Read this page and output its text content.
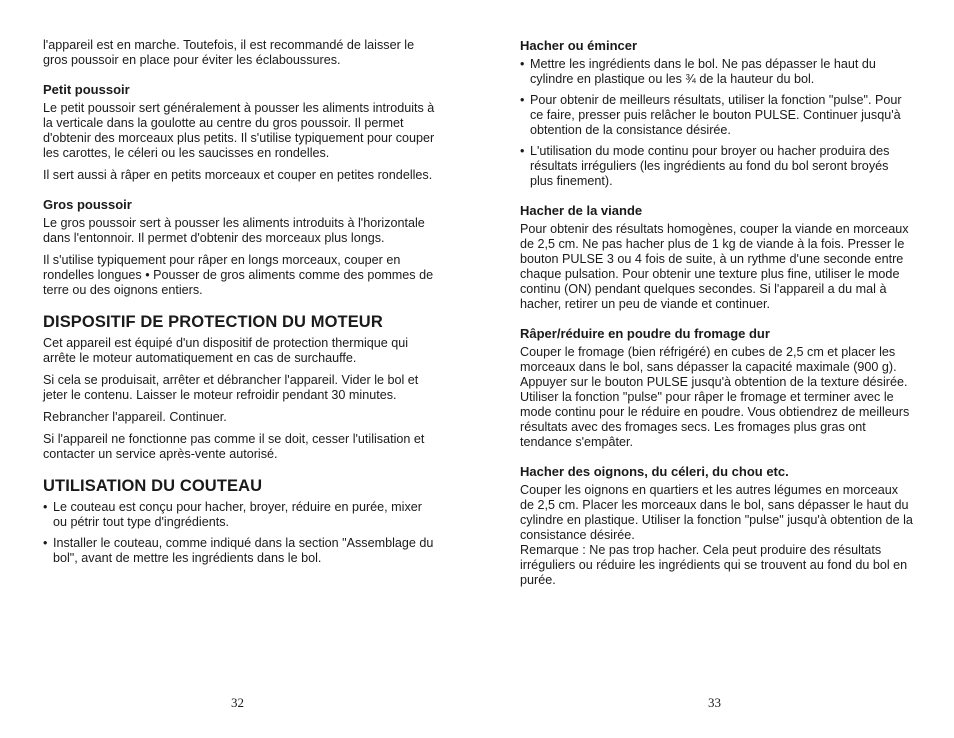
l'appareil est en marche. Toutefois, il est recommandé de laisser le gros poussoir en place pour éviter les éclaboussures.

Petit poussoir

Le petit poussoir sert généralement à pousser les aliments introduits à la verticale dans la goulotte au centre du gros poussoir. Il permet d'obtenir des morceaux plus petits. Il s'utilise typiquement pour couper les carottes, le céleri ou les saucisses en rondelles.

Il sert aussi à râper en petits morceaux et couper en petites rondelles.

Gros poussoir

Le gros poussoir sert à pousser les aliments introduits à l'horizontale dans l'entonnoir. Il permet d'obtenir des morceaux plus longs.

Il s'utilise typiquement pour râper en longs morceaux, couper en rondelles longues • Pousser de gros aliments comme des pommes de terre ou des oignons entiers.

DISPOSITIF DE PROTECTION DU MOTEUR

Cet appareil est équipé d'un dispositif de protection thermique qui arrête le moteur automatiquement en cas de surchauffe.

Si cela se produisait, arrêter et débrancher l'appareil. Vider le bol et jeter le contenu. Laisser le moteur refroidir pendant 30 minutes.

Rebrancher l'appareil. Continuer.

Si l'appareil ne fonctionne pas comme il se doit, cesser l'utilisation et contacter un service après-vente autorisé.

UTILISATION DU COUTEAU

• Le couteau est conçu pour hacher, broyer, réduire en purée, mixer ou pétrir tout type d'ingrédients.

• Installer le couteau, comme indiqué dans la section "Assemblage du bol", avant de mettre les ingrédients dans le bol.

32
Hacher ou émincer

• Mettre les ingrédients dans le bol. Ne pas dépasser le haut du cylindre en plastique ou les ¾ de la hauteur du bol.

• Pour obtenir de meilleurs résultats, utiliser la fonction "pulse". Pour ce faire, presser puis relâcher le bouton PULSE. Continuer jusqu'à obtention de la consistance désirée.

• L'utilisation du mode continu pour broyer ou hacher produira des résultats irréguliers (les ingrédients au fond du bol seront broyés plus finement).

Hacher de la viande

Pour obtenir des résultats homogènes, couper la viande en morceaux de 2,5 cm. Ne pas hacher plus de 1 kg de viande à la fois. Presser le bouton PULSE 3 ou 4 fois de suite, à un rythme d'une seconde entre chaque pulsation. Pour obtenir une texture plus fine, utiliser le mode continu (ON) pendant quelques secondes. Si l'appareil a du mal à hacher, retirer un peu de viande et continuer.

Râper/réduire en poudre du fromage dur

Couper le fromage (bien réfrigéré) en cubes de 2,5 cm et placer les morceaux dans le bol, sans dépasser la capacité maximale (900 g). Appuyer sur le bouton PULSE jusqu'à obtention de la texture désirée. Utiliser la fonction "pulse" pour râper le fromage et terminer avec le mode continu pour le réduire en poudre. Vous obtiendrez de meilleurs résultats avec des fromages secs. Les fromages plus gras ont tendance s'empâter.

Hacher des oignons, du céleri, du chou etc.

Couper les oignons en quartiers et les autres légumes en morceaux de 2,5 cm. Placer les morceaux dans le bol, sans dépasser le haut du cylindre en plastique. Utiliser la fonction "pulse" jusqu'à obtention de la consistance désirée.

Remarque : Ne pas trop hacher. Cela peut produire des résultats irréguliers ou réduire les ingrédients qui se trouvent au fond du bol en purée.

33
